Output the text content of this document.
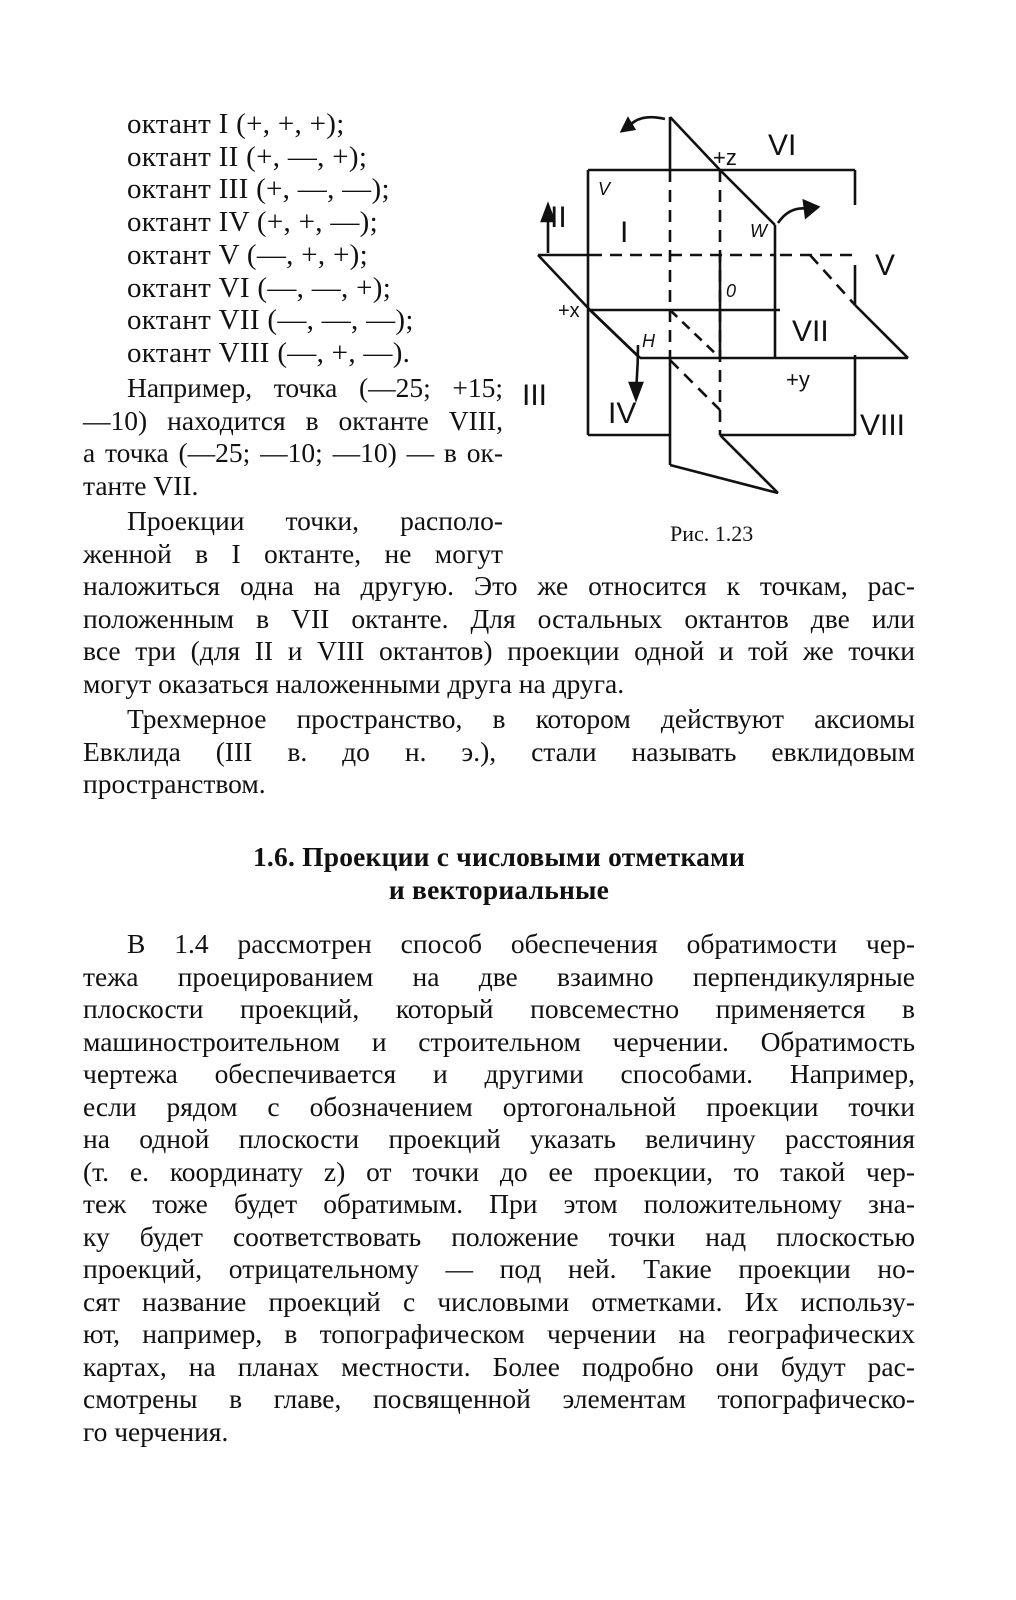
октант I (+, +, +);
октант II (+, —, +);
октант III (+, —, —);
октант IV (+, +, —);
октант V (—, +, +);
октант VI (—, —, +);
октант VII (—, —, —);
октант VIII (—, +, —).
Например, точка (—25; +15;
—10) находится в октанте VIII,
а точка (—25; —10; —10) — в ок-
танте VII.
Проекции точки, располо-
женной в I октанте, не могут
наложиться одна на другую. Это же относится к точкам, рас-
положенным в VII октанте. Для остальных октантов две или
все три (для II и VIII октантов) проекции одной и той же точки
могут оказаться наложенными друга на друга.
Трехмерное пространство, в котором действуют аксиомы
Евклида (III в. до н. э.), стали называть евклидовым
пространством.
1.6. Проекции с числовыми отметками
и векториальные
В 1.4 рассмотрен способ обеспечения обратимости чер-
тежа проецированием на две взаимно перпендикулярные
плоскости проекций, который повсеместно применяется в
машиностроительном и строительном черчении. Обратимость
чертежа обеспечивается и другими способами. Например,
если рядом с обозначением ортогональной проекции точки
на одной плоскости проекций указать величину расстояния
(т. е. координату z) от точки до ее проекции, то такой чер-
теж тоже будет обратимым. При этом положительному зна-
ку будет соответствовать положение точки над плоскостью
проекций, отрицательному — под ней. Такие проекции но-
сят название проекций с числовыми отметками. Их использу-
ют, например, в топографическом черчении на географических
картах, на планах местности. Более подробно они будут рас-
смотрены в главе, посвященной элементам топографическо-
го черчения.
I
II
III
IV
V
VI
VII
VIII
+z
+x
+y
V
W
H
0
Рис. 1.23
